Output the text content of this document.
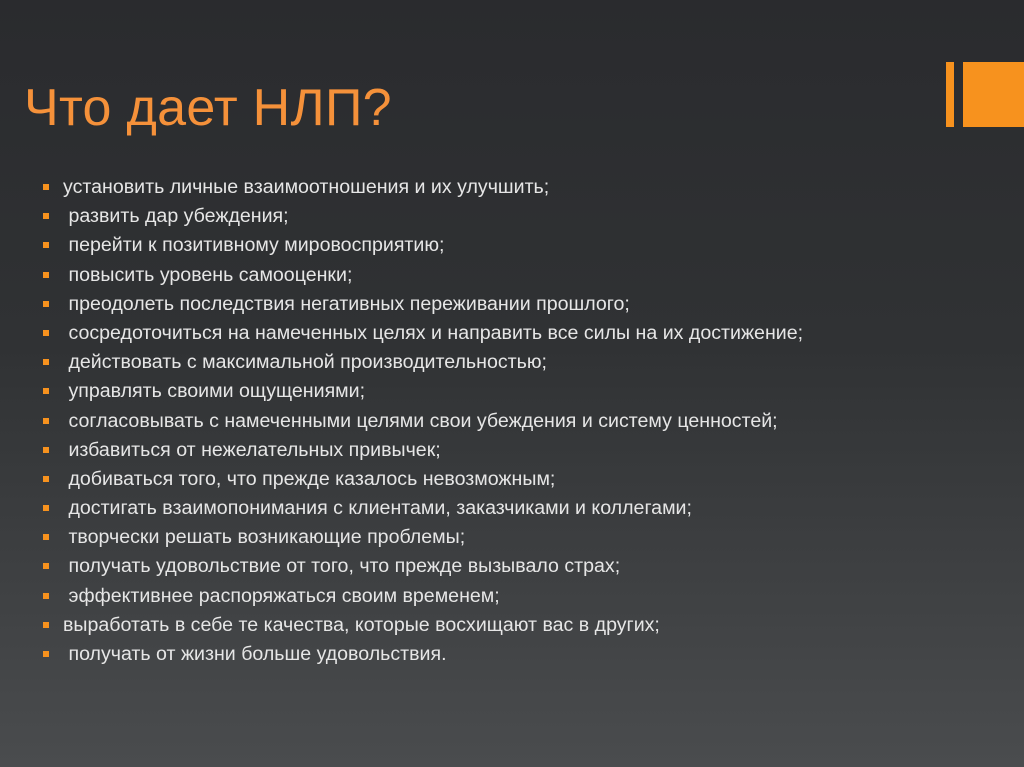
Что дает НЛП?
установить личные взаимоотношения и их улучшить;
развить дар убеждения;
перейти к позитивному мировосприятию;
повысить уровень самооценки;
преодолеть последствия негативных переживании прошлого;
сосредоточиться на намеченных целях и направить все силы на их достижение;
действовать с максимальной производительностью;
управлять своими ощущениями;
согласовывать с намеченными целями свои убеждения и систему ценностей;
избавиться от нежелательных привычек;
добиваться того, что прежде казалось невозможным;
достигать взаимопонимания с клиентами, заказчиками и коллегами;
творчески решать возникающие проблемы;
получать удовольствие от того, что прежде вызывало страх;
эффективнее распоряжаться своим временем;
выработать в себе те качества, которые восхищают вас в других;
получать от жизни больше удовольствия.
